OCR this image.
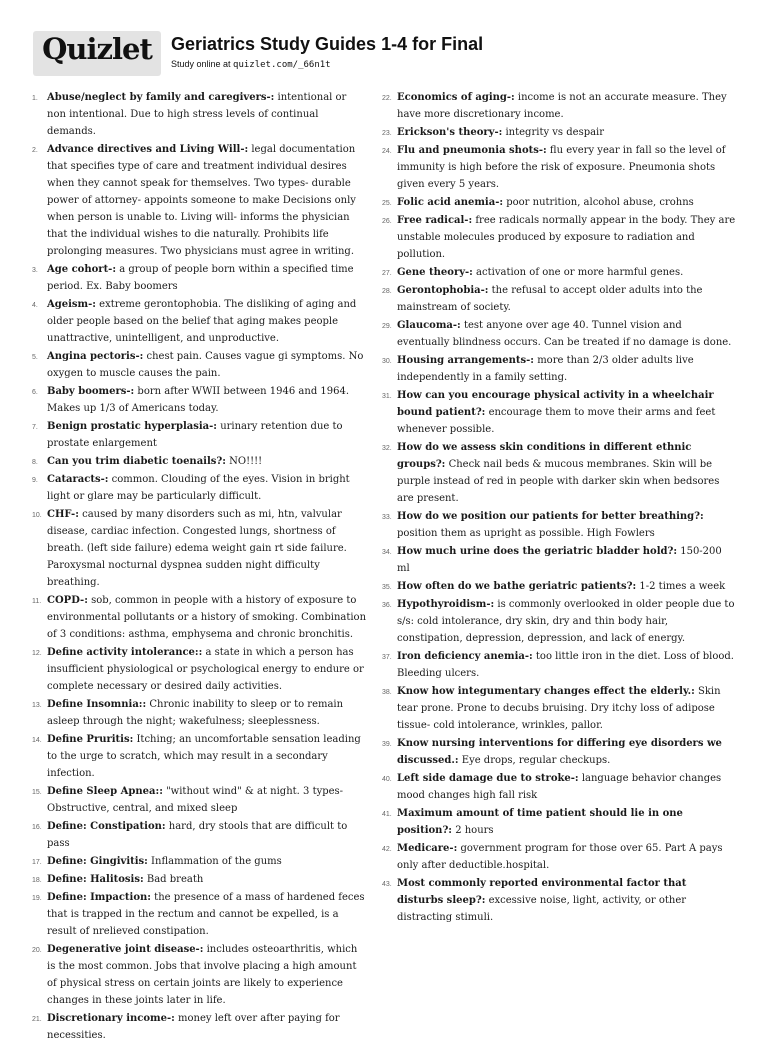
Quizlet	Geriatrics Study Guides 1-4 for Final
Study online at quizlet.com/_66n1t
1. Abuse/neglect by family and caregivers-: intentional or non intentional. Due to high stress levels of continual demands.
2. Advance directives and Living Will-: legal documentation that specifies type of care and treatment individual desires when they cannot speak for themselves. Two types- durable power of attorney- appoints someone to make Decisions only when person is unable to. Living will- informs the physician that the individual wishes to die naturally. Prohibits life prolonging measures. Two physicians must agree in writing.
3. Age cohort-: a group of people born within a specified time period. Ex. Baby boomers
4. Ageism-: extreme gerontophobia. The disliking of aging and older people based on the belief that aging makes people unattractive, unintelligent, and unproductive.
5. Angina pectoris-: chest pain. Causes vague gi symptoms. No oxygen to muscle causes the pain.
6. Baby boomers-: born after WWII between 1946 and 1964. Makes up 1/3 of Americans today.
7. Benign prostatic hyperplasia-: urinary retention due to prostate enlargement
8. Can you trim diabetic toenails?: NO!!!!
9. Cataracts-: common. Clouding of the eyes. Vision in bright light or glare may be particularly difficult.
10. CHF-: caused by many disorders such as mi, htn, valvular disease, cardiac infection. Congested lungs, shortness of breath. (left side failure) edema weight gain rt side failure. Paroxysmal nocturnal dyspnea sudden night difficulty breathing.
11. COPD-: sob, common in people with a history of exposure to environmental pollutants or a history of smoking. Combination of 3 conditions: asthma, emphysema and chronic bronchitis.
12. Define activity intolerance:: a state in which a person has insufficient physiological or psychological energy to endure or complete necessary or desired daily activities.
13. Define Insomnia:: Chronic inability to sleep or to remain asleep through the night; wakefulness; sleeplessness.
14. Define Pruritis: Itching; an uncomfortable sensation leading to the urge to scratch, which may result in a secondary infection.
15. Define Sleep Apnea:: "without wind" & at night. 3 types- Obstructive, central, and mixed sleep
16. Define: Constipation: hard, dry stools that are difficult to pass
17. Define: Gingivitis: Inflammation of the gums
18. Define: Halitosis: Bad breath
19. Define: Impaction: the presence of a mass of hardened feces that is trapped in the rectum and cannot be expelled, is a result of nrelieved constipation.
20. Degenerative joint disease-: includes osteoarthritis, which is the most common. Jobs that involve placing a high amount of physical stress on certain joints are likely to experience changes in these joints later in life.
21. Discretionary income-: money left over after paying for necessities.
22. Economics of aging-: income is not an accurate measure. They have more discretionary income.
23. Erickson's theory-: integrity vs despair
24. Flu and pneumonia shots-: flu every year in fall so the level of immunity is high before the risk of exposure. Pneumonia shots given every 5 years.
25. Folic acid anemia-: poor nutrition, alcohol abuse, crohns
26. Free radical-: free radicals normally appear in the body. They are unstable molecules produced by exposure to radiation and pollution.
27. Gene theory-: activation of one or more harmful genes.
28. Gerontophobia-: the refusal to accept older adults into the mainstream of society.
29. Glaucoma-: test anyone over age 40. Tunnel vision and eventually blindness occurs. Can be treated if no damage is done.
30. Housing arrangements-: more than 2/3 older adults live independently in a family setting.
31. How can you encourage physical activity in a wheelchair bound patient?: encourage them to move their arms and feet whenever possible.
32. How do we assess skin conditions in different ethnic groups?: Check nail beds & mucous membranes. Skin will be purple instead of red in people with darker skin when bedsores are present.
33. How do we position our patients for better breathing?: position them as upright as possible. High Fowlers
34. How much urine does the geriatric bladder hold?: 150-200 ml
35. How often do we bathe geriatric patients?: 1-2 times a week
36. Hypothyroidism-: is commonly overlooked in older people due to s/s: cold intolerance, dry skin, dry and thin body hair, constipation, depression, depression, and lack of energy.
37. Iron deficiency anemia-: too little iron in the diet. Loss of blood. Bleeding ulcers.
38. Know how integumentary changes effect the elderly.: Skin tear prone. Prone to decubs bruising. Dry itchy loss of adipose tissue- cold intolerance, wrinkles, pallor.
39. Know nursing interventions for differing eye disorders we discussed.: Eye drops, regular checkups.
40. Left side damage due to stroke-: language behavior changes mood changes high fall risk
41. Maximum amount of time patient should lie in one position?: 2 hours
42. Medicare-: government program for those over 65. Part A pays only after deductible.hospital.
43. Most commonly reported environmental factor that disturbs sleep?: excessive noise, light, activity, or other distracting stimuli.
